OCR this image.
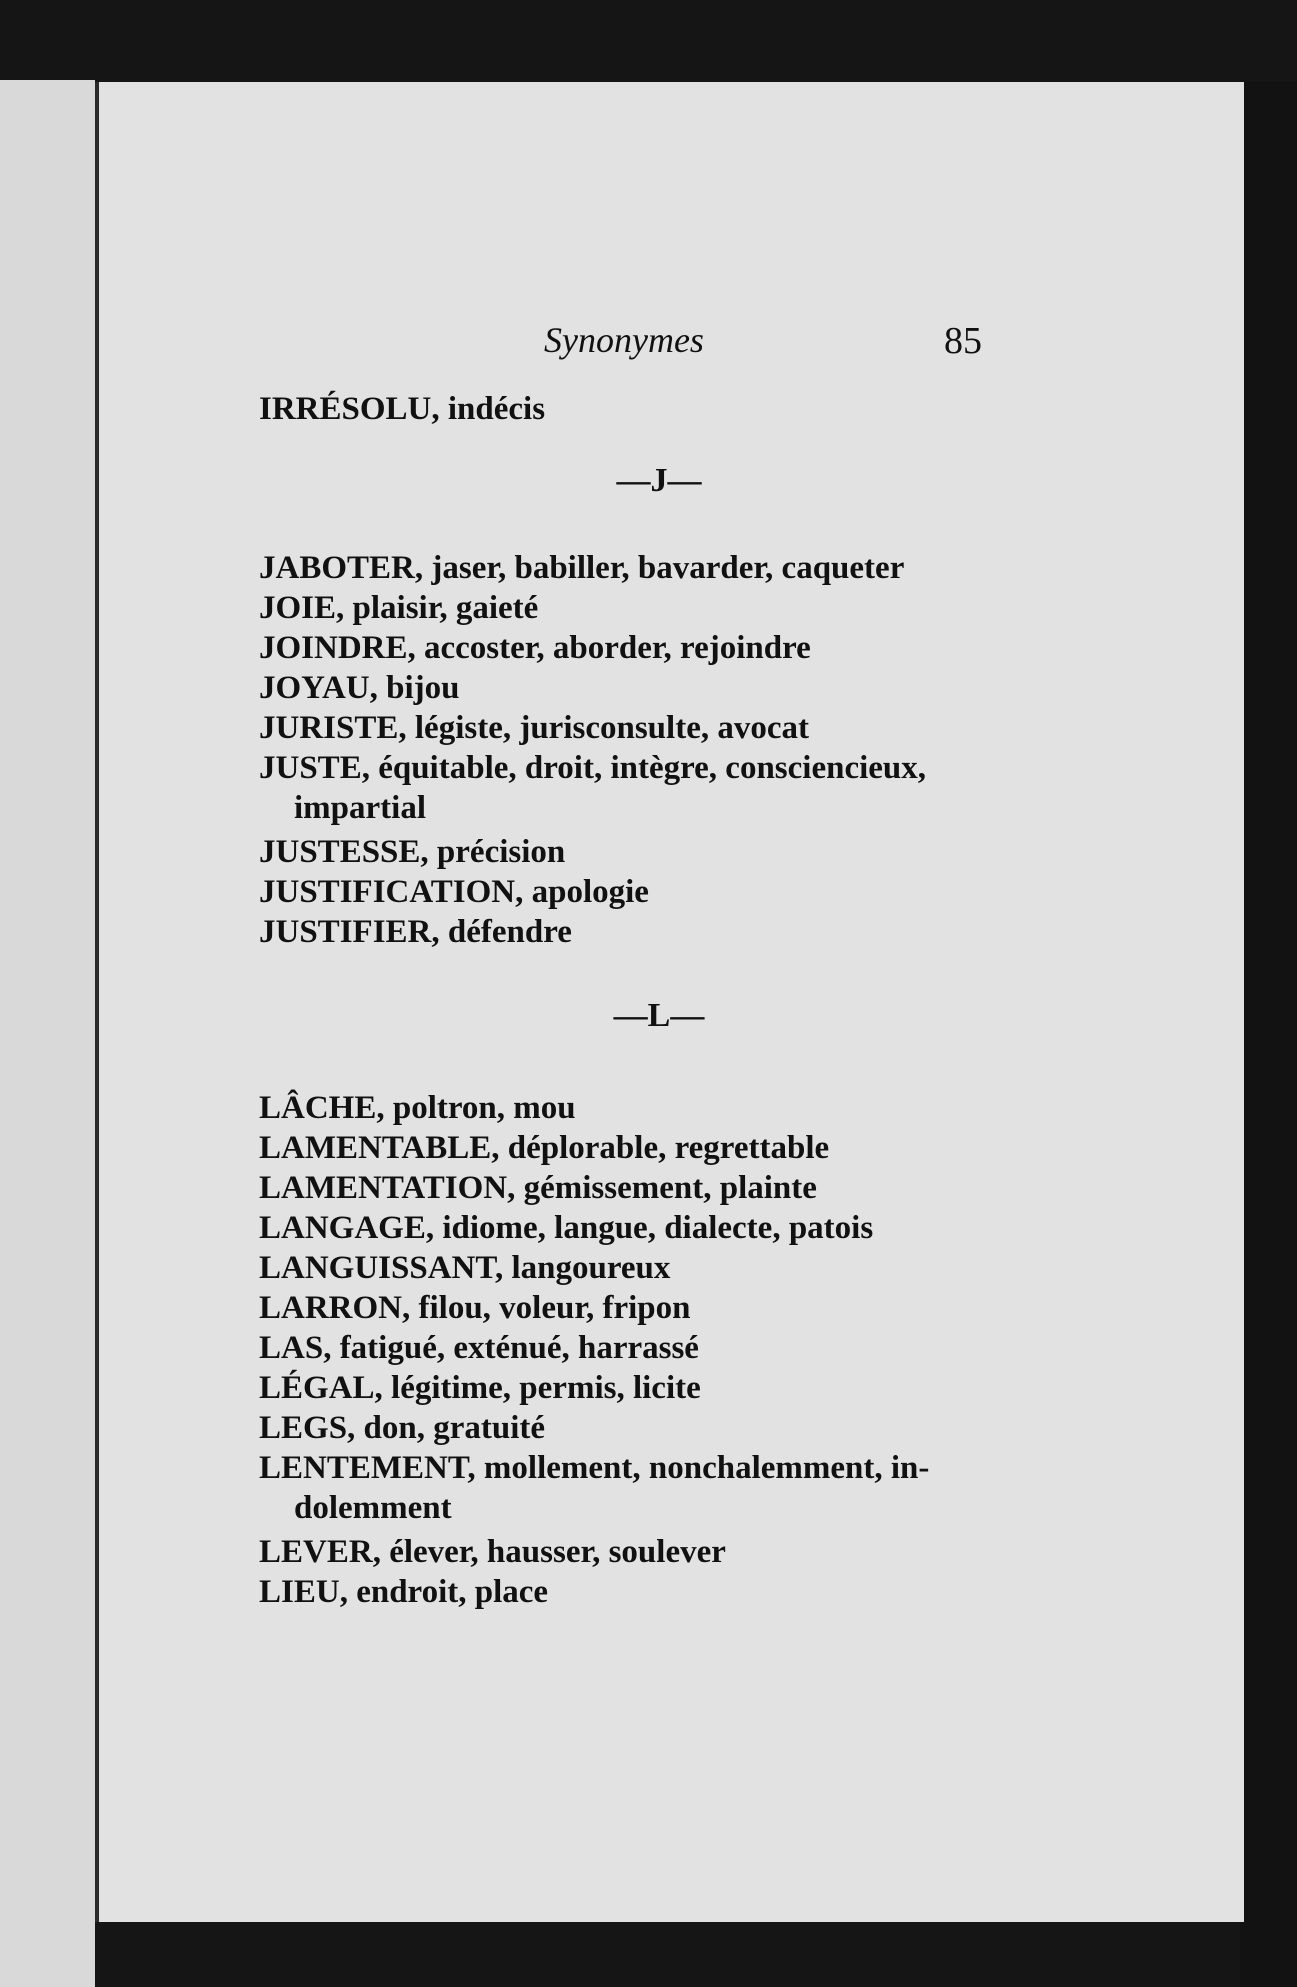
Synonymes	85
IRRÉSOLU, indécis
—J—
JABOTER, jaser, babiller, bavarder, caqueter
JOIE, plaisir, gaieté
JOINDRE, accoster, aborder, rejoindre
JOYAU, bijou
JURISTE, légiste, jurisconsulte, avocat
JUSTE, équitable, droit, intègre, consciencieux,
impartial
JUSTESSE, précision
JUSTIFICATION, apologie
JUSTIFIER, défendre
—L—
LÂCHE, poltron, mou
LAMENTABLE, déplorable, regrettable
LAMENTATION, gémissement, plainte
LANGAGE, idiome, langue, dialecte, patois
LANGUISSANT, langoureux
LARRON, filou, voleur, fripon
LAS, fatigué, exténué, harrassé
LÉGAL, légitime, permis, licite
LEGS, don, gratuité
LENTEMENT, mollement, nonchalemment, in-
dolemment
LEVER, élever, hausser, soulever
LIEU, endroit, place
